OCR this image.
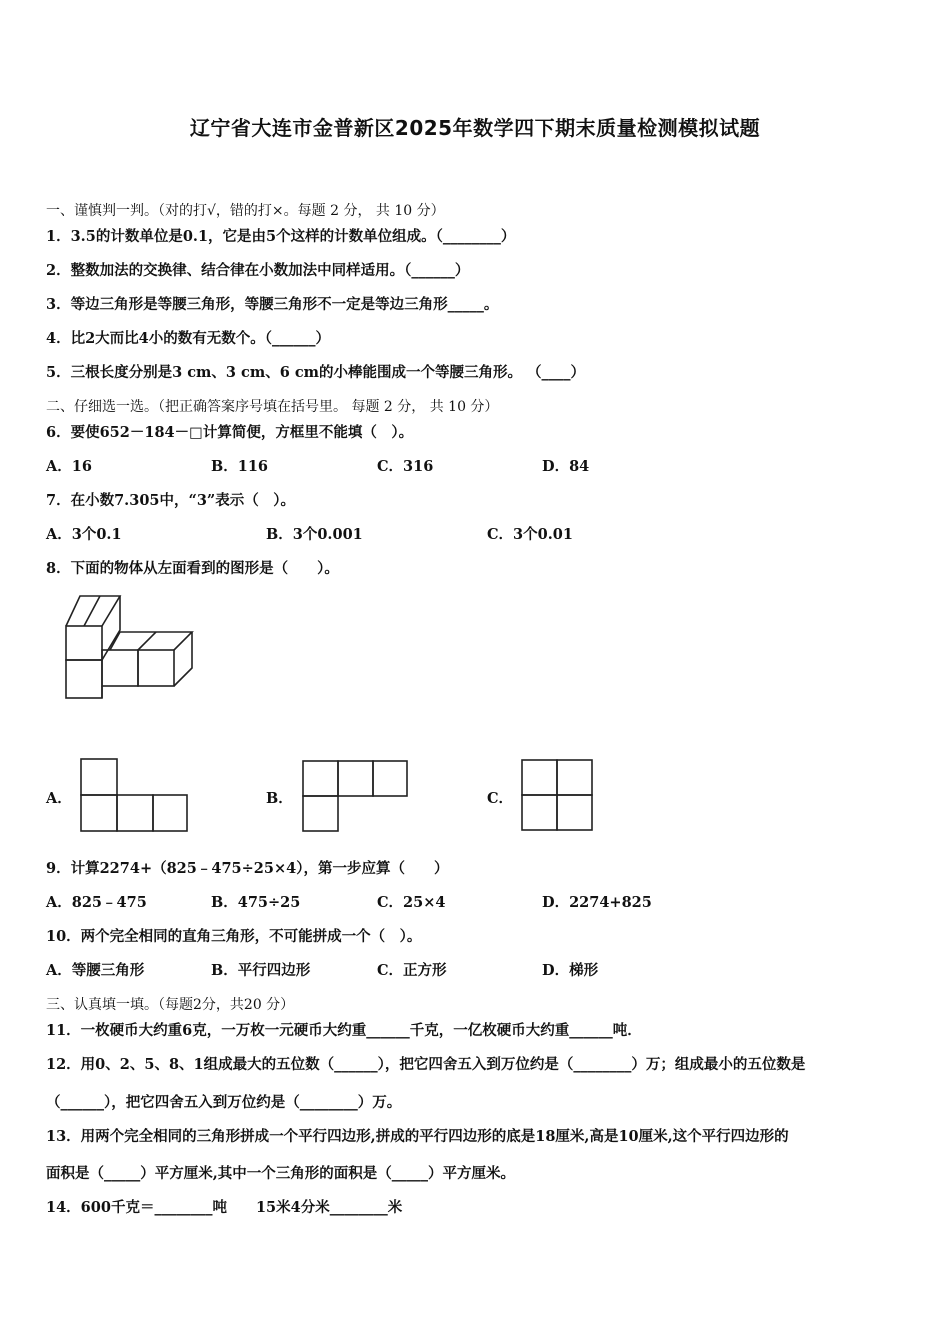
辽宁省大连市金普新区2025年数学四下期末质量检测模拟试题
一、谨慎判一判。（对的打√，错的打×。每题 2 分， 共 10 分）
1．3.5的计数单位是0.1，它是由5个这样的计数单位组成。（________）
2．整数加法的交换律、结合律在小数加法中同样适用。（______）
3．等边三角形是等腰三角形，等腰三角形不一定是等边三角形_____。
4．比2大而比4小的数有无数个。（______）
5．三根长度分别是3 cm、3 cm、6 cm的小棒能围成一个等腰三角形。 （____）
二、仔细选一选。（把正确答案序号填在括号里。 每题 2 分， 共 10 分）
6．要使652－184－□计算简便，方框里不能填（　）。
A．16	B．116	C．316	D．84
7．在小数7.305中，“3”表示（　）。
A．3个0.1	B．3个0.001	C．3个0.01
8．下面的物体从左面看到的图形是（　　）。
A．	B．	C．
9．计算2274+（825﹣475÷25×4），第一步应算（　　）
A．825﹣475	B．475÷25	C．25×4	D．2274+825
10．两个完全相同的直角三角形，不可能拼成一个（　）。
A．等腰三角形	B．平行四边形	C．正方形	D．梯形
三、认真填一填。（每题2分，共20 分）
11．一枚硬币大约重6克，一万枚一元硬币大约重______千克，一亿枚硬币大约重______吨．
12．用0、2、5、8、1组成最大的五位数（______），把它四舍五入到万位约是（________）万；组成最小的五位数是
（______），把它四舍五入到万位约是（________）万。
13．用两个完全相同的三角形拼成一个平行四边形,拼成的平行四边形的底是18厘米,高是10厘米,这个平行四边形的
面积是（_____）平方厘米,其中一个三角形的面积是（_____）平方厘米。
14．600千克＝________吨　　15米4分米________米
